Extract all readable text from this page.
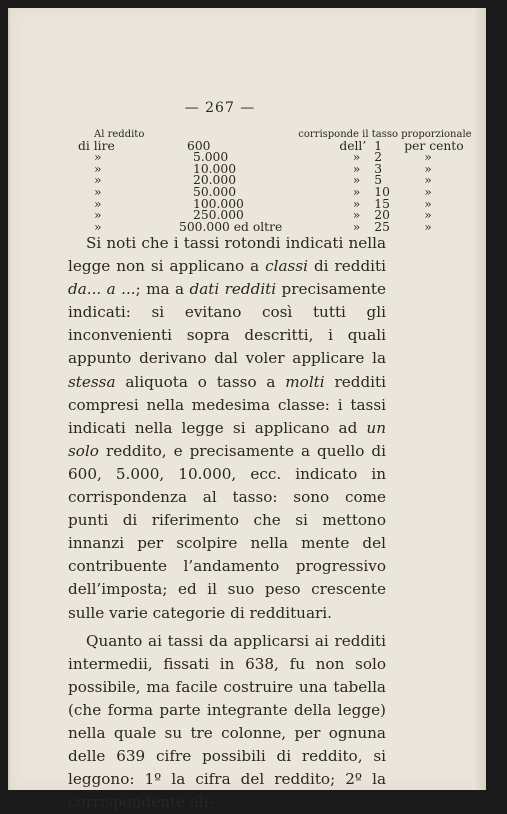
— 267 —
Al reddito		corrisponde il tasso proporzionale		
di lire	600	dell’	1	per cento
»	5.000	»	2	»
»	10.000	»	3	»
»	20.000	»	5	»
»	50.000	»	10	»
»	100.000	»	15	»
»	250.000	»	20	»
»	500.000 ed oltre	»	25	»

Si noti che i tassi rotondi indicati nella legge non si applicano a classi di redditi da... a ...; ma a dati redditi precisamente indicati: si evitano così tutti gli inconvenienti sopra descritti, i quali appunto derivano dal voler applicare la stessa aliquota o tasso a molti redditi compresi nella medesima classe: i tassi indicati nella legge si applicano ad un solo reddito, e precisamente a quello di 600, 5.000, 10.000, ecc. indicato in corrispondenza al tasso: sono come punti di riferimento che si mettono innanzi per scolpire nella mente del contribuente l’andamento progressivo dell’imposta; ed il suo peso crescente sulle varie categorie di reddituari.

Quanto ai tassi da applicarsi ai redditi intermedii, fissati in 638, fu non solo possibile, ma facile costruire una tabella (che forma parte integrante della legge) nella quale su tre colonne, per ognuna delle 639 cifre possibili di reddito, si leggono: 1º la cifra del reddito; 2º la corrispondente ali-
